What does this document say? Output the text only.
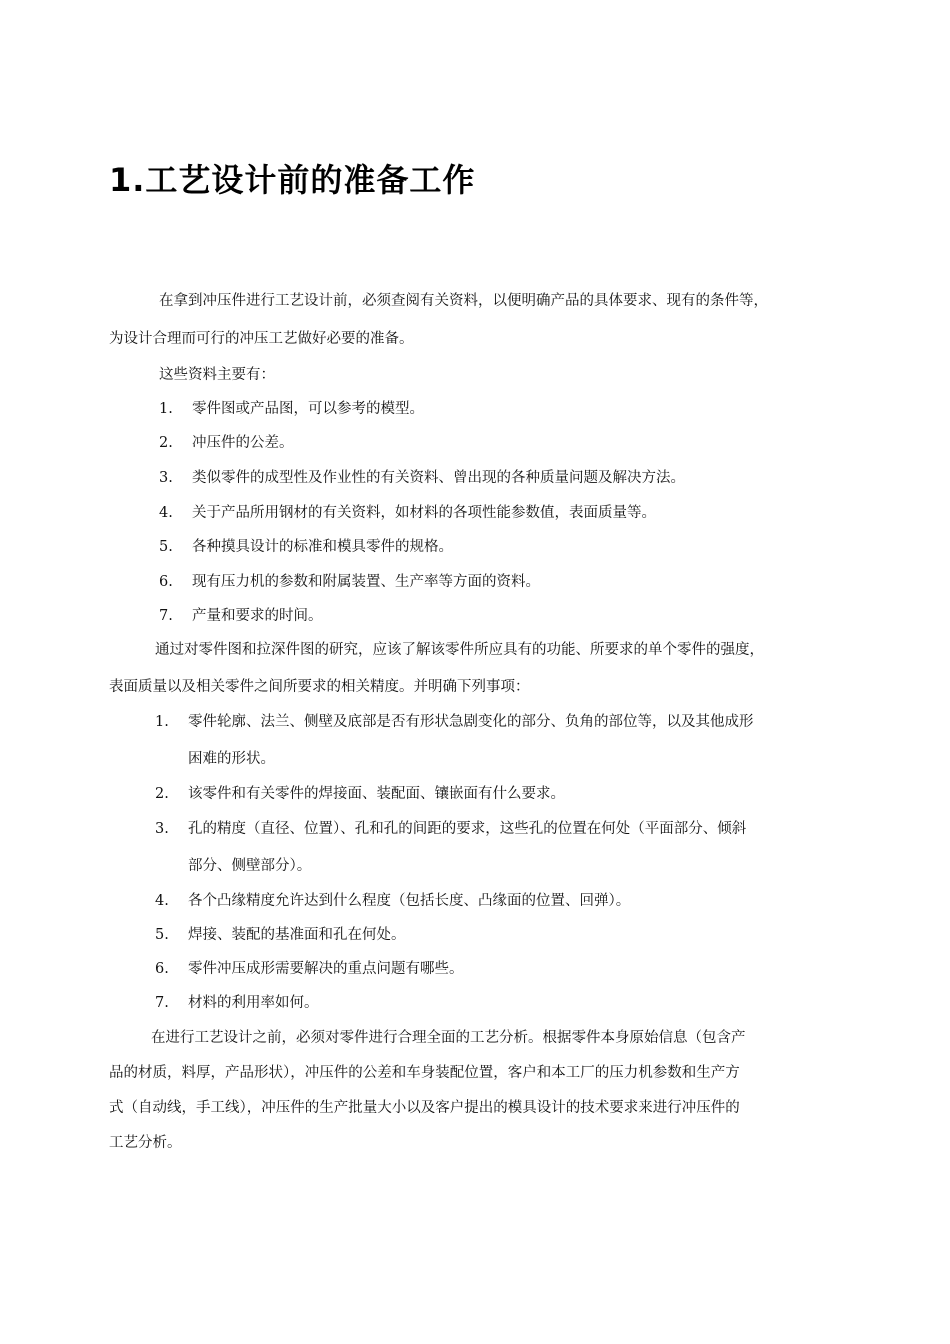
1.工艺设计前的准备工作
在拿到冲压件进行工艺设计前，必须查阅有关资料，以便明确产品的具体要求、现有的条件等，
为设计合理而可行的冲压工艺做好必要的准备。
这些资料主要有：
1. 零件图或产品图，可以参考的模型。
2. 冲压件的公差。
3. 类似零件的成型性及作业性的有关资料、曾出现的各种质量问题及解决方法。
4. 关于产品所用钢材的有关资料，如材料的各项性能参数值，表面质量等。
5. 各种摸具设计的标准和模具零件的规格。
6. 现有压力机的参数和附属装置、生产率等方面的资料。
7. 产量和要求的时间。
通过对零件图和拉深件图的研究，应该了解该零件所应具有的功能、所要求的单个零件的强度，
表面质量以及相关零件之间所要求的相关精度。并明确下列事项：
1. 零件轮廓、法兰、侧壁及底部是否有形状急剧变化的部分、负角的部位等，以及其他成形
困难的形状。
2. 该零件和有关零件的焊接面、装配面、镶嵌面有什么要求。
3. 孔的精度（直径、位置）、孔和孔的间距的要求，这些孔的位置在何处（平面部分、倾斜
部分、侧壁部分）。
4. 各个凸缘精度允许达到什么程度（包括长度、凸缘面的位置、回弹）。
5. 焊接、装配的基准面和孔在何处。
6. 零件冲压成形需要解决的重点问题有哪些。
7. 材料的利用率如何。
在进行工艺设计之前，必须对零件进行合理全面的工艺分析。根据零件本身原始信息（包含产
品的材质，料厚，产品形状），冲压件的公差和车身装配位置，客户和本工厂的压力机参数和生产方
式（自动线，手工线），冲压件的生产批量大小以及客户提出的模具设计的技术要求来进行冲压件的
工艺分析。
